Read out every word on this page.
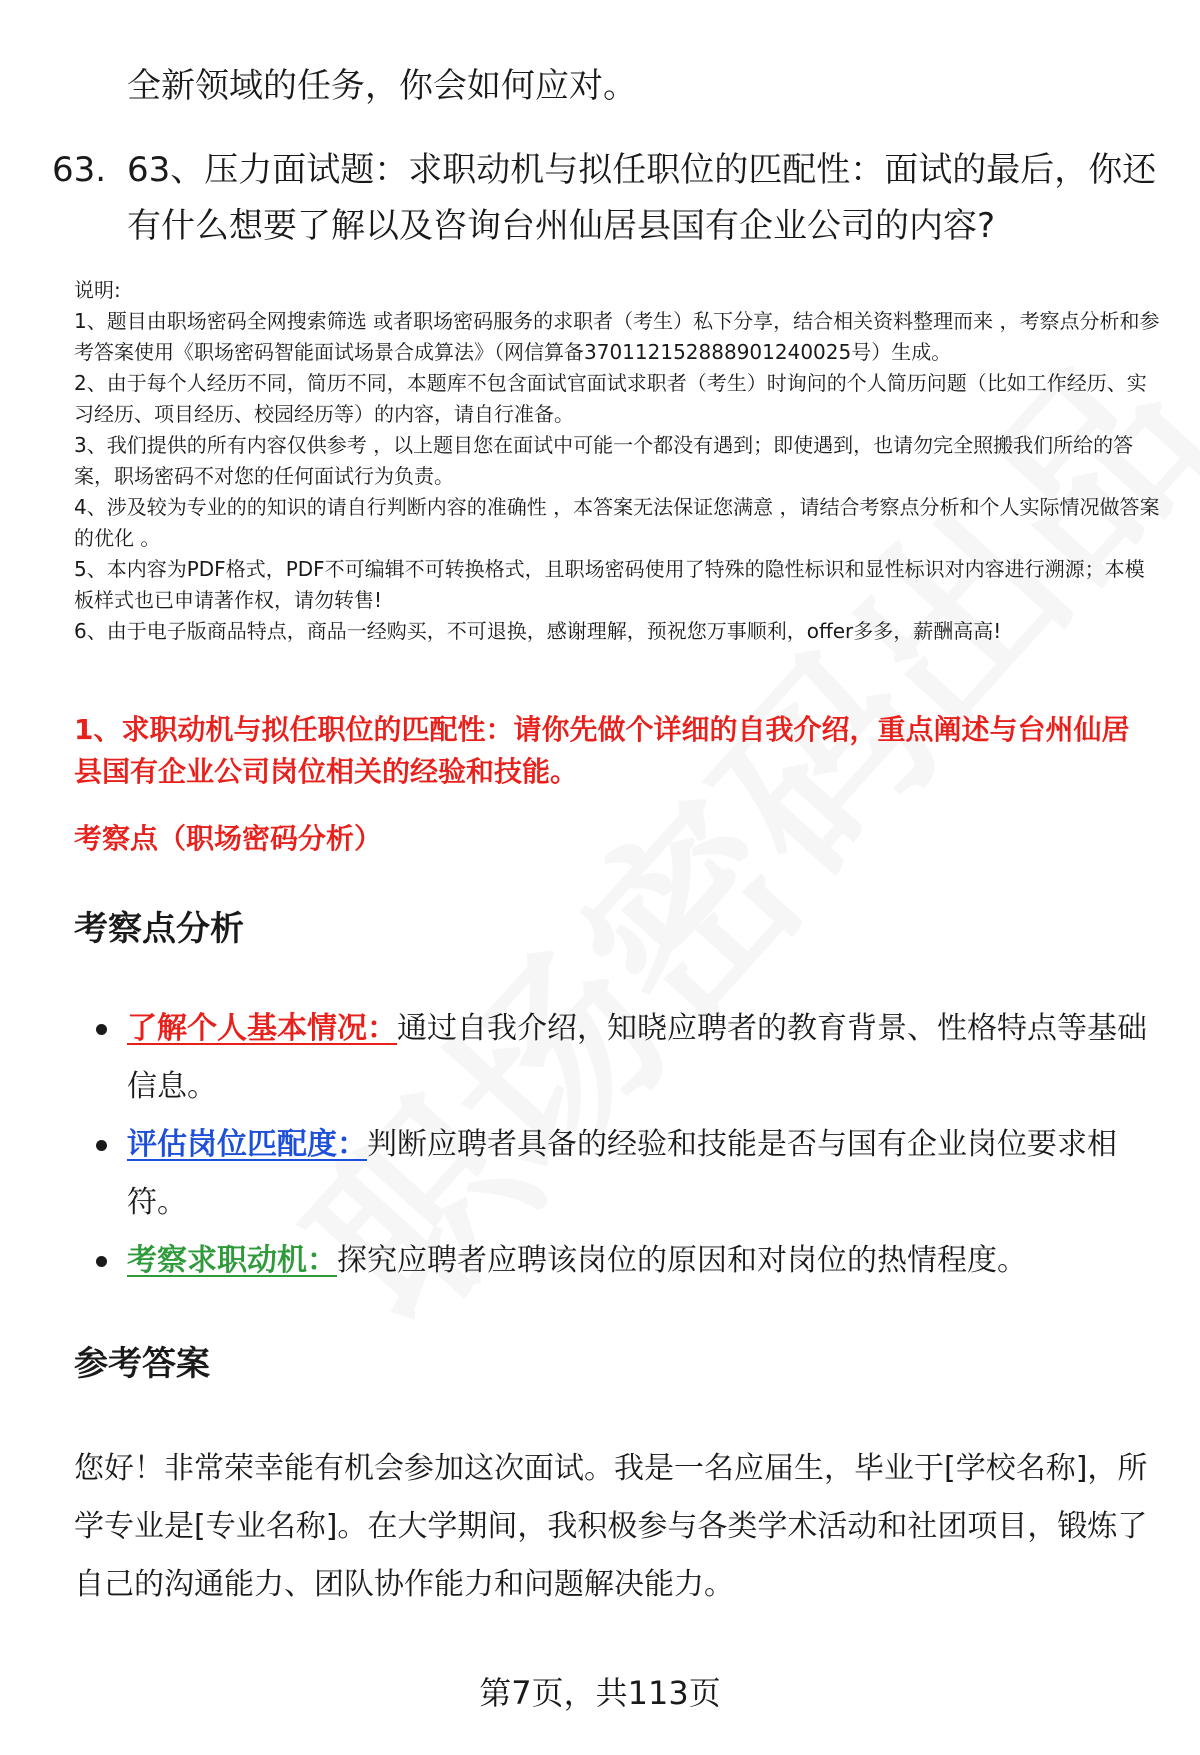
全新领域的任务，你会如何应对。
63. 63、压力面试题：求职动机与拟任职位的匹配性：面试的最后，你还有什么想要了解以及咨询台州仙居县国有企业公司的内容?

说明:

1、题目由职场密码全网搜索筛选 或者职场密码服务的求职者（考生）私下分享，结合相关资料整理而来 ，考察点分析和参考答案使用《职场密码智能面试场景合成算法》（网信算备370112152888901240025号）生成。

2、由于每个人经历不同，简历不同，本题库不包含面试官面试求职者（考生）时询问的个人简历问题（比如工作经历、实习经历、项目经历、校园经历等）的内容，请自行准备。

3、我们提供的所有内容仅供参考 ，以上题目您在面试中可能一个都没有遇到；即使遇到，也请勿完全照搬我们所给的答案，职场密码不对您的任何面试行为负责。

4、涉及较为专业的的知识的请自行判断内容的准确性 ，本答案无法保证您满意 ，请结合考察点分析和个人实际情况做答案的优化 。

5、本内容为PDF格式，PDF不可编辑不可转换格式，且职场密码使用了特殊的隐性标识和显性标识对内容进行溯源；本模板样式也已申请著作权，请勿转售!

6、由于电子版商品特点，商品一经购买，不可退换，感谢理解，预祝您万事顺利，offer多多，薪酬高高!

1、求职动机与拟任职位的匹配性：请你先做个详细的自我介绍，重点阐述与台州仙居县国有企业公司岗位相关的经验和技能。
考察点（职场密码分析）
考察点分析
了解个人基本情况：通过自我介绍，知晓应聘者的教育背景、性格特点等基础信息。
评估岗位匹配度：判断应聘者具备的经验和技能是否与国有企业岗位要求相符。
考察求职动机：探究应聘者应聘该岗位的原因和对岗位的热情程度。
参考答案
您好！非常荣幸能有机会参加这次面试。我是一名应届生，毕业于[学校名称]，所学专业是[专业名称]。在大学期间，我积极参与各类学术活动和社团项目，锻炼了自己的沟通能力、团队协作能力和问题解决能力。
第7页，共113页
